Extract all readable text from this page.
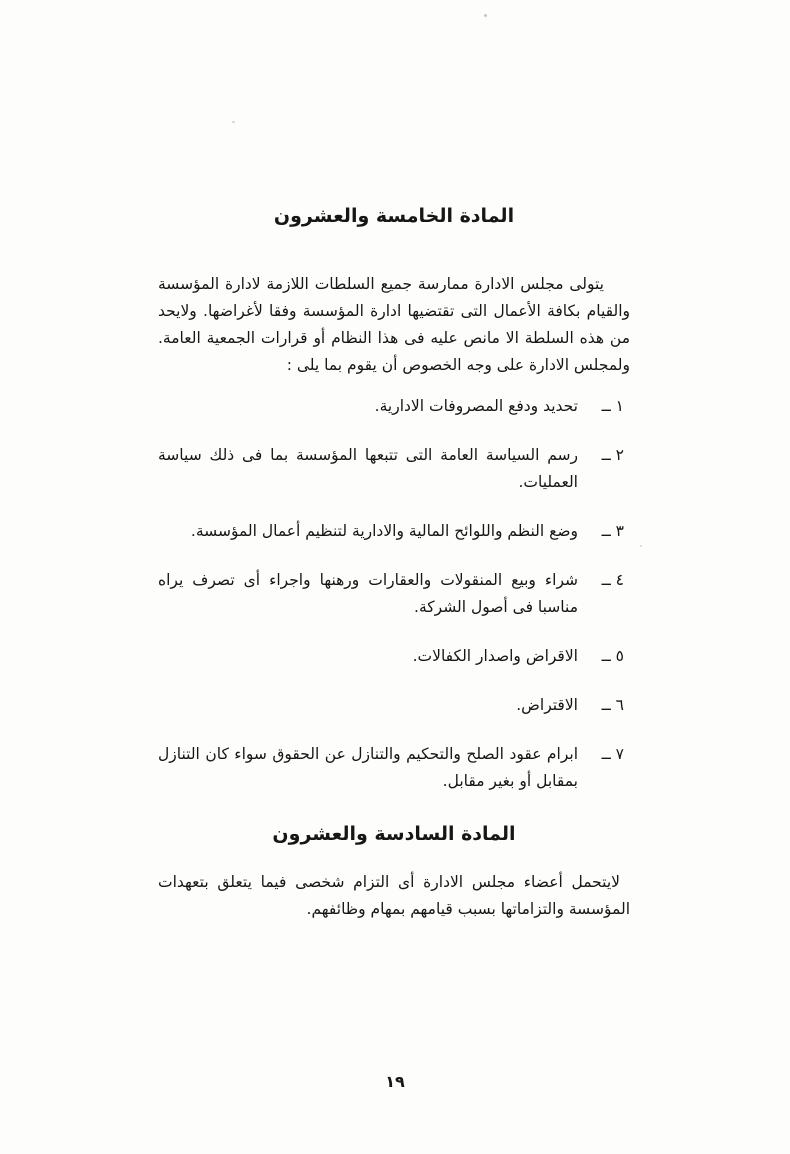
المادة الخامسة والعشرون

يتولى مجلس الادارة ممارسة جميع السلطات اللازمة لادارة المؤسسة والقيام بكافة الأعمال التى تقتضيها ادارة المؤسسة وفقا لأغراضها. ولايحد من هذه السلطة الا مانص عليه فى هذا النظام أو قرارات الجمعية العامة. ولمجلس الادارة على وجه الخصوص أن يقوم بما يلى :

١ ــ
تحديد ودفع المصروفات الادارية.
٢ ــ
رسم السياسة العامة التى تتبعها المؤسسة بما فى ذلك سياسة العمليات.
٣ ــ
وضع النظم واللوائح المالية والادارية لتنظيم أعمال المؤسسة.
٤ ــ
شراء وبيع المنقولات والعقارات ورهنها واجراء أى تصرف يراه مناسبا فى أصول الشركة.
٥ ــ
الاقراض واصدار الكفالات.
٦ ــ
الاقتراض.
٧ ــ
ابرام عقود الصلح والتحكيم والتنازل عن الحقوق سواء كان التنازل بمقابل أو بغير مقابل.
المادة السادسة والعشرون

لايتحمل أعضاء مجلس الادارة أى التزام شخصى فيما يتعلق بتعهدات المؤسسة والتزاماتها بسبب قيامهم بمهام وظائفهم.

١٩
